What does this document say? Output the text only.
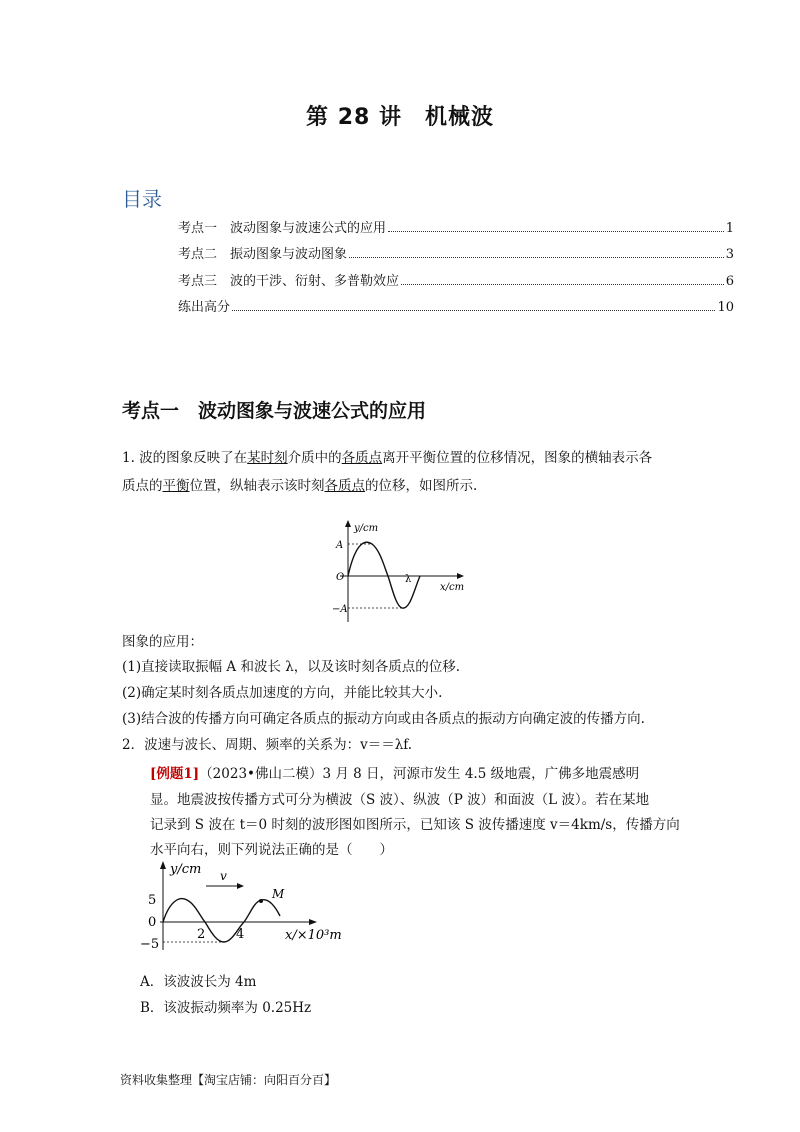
第 28 讲　机械波
目录
考点一　波动图象与波速公式的应用	1
考点二　振动图象与波动图象	3
考点三　波的干涉、衍射、多普勒效应	6
练出高分	10
考点一　波动图象与波速公式的应用
1. 波的图象反映了在某时刻介质中的各质点离开平衡位置的位移情况，图象的横轴表示各
质点的平衡位置，纵轴表示该时刻各质点的位移，如图所示.
y/cm
A
O
−A
λ
x/cm
图象的应用：
(1)直接读取振幅 A 和波长 λ，以及该时刻各质点的位移.
(2)确定某时刻各质点加速度的方向，并能比较其大小.
(3)结合波的传播方向可确定各质点的振动方向或由各质点的振动方向确定波的传播方向.
2．波速与波长、周期、频率的关系为：v＝＝λf.
[例题1]（2023•佛山二模）3 月 8 日，河源市发生 4.5 级地震，广佛多地震感明
显。地震波按传播方式可分为横波（S 波）、纵波（P 波）和面波（L 波）。若在某地
记录到 S 波在 t＝0 时刻的波形图如图所示，已知该 S 波传播速度 v＝4km/s，传播方向
水平向右，则下列说法正确的是（　　）
y/cm v
M
5
0
−5
2 4	x/×10³m
A．该波波长为 4m
B．该波振动频率为 0.25Hz
资料收集整理【淘宝店铺：向阳百分百】
